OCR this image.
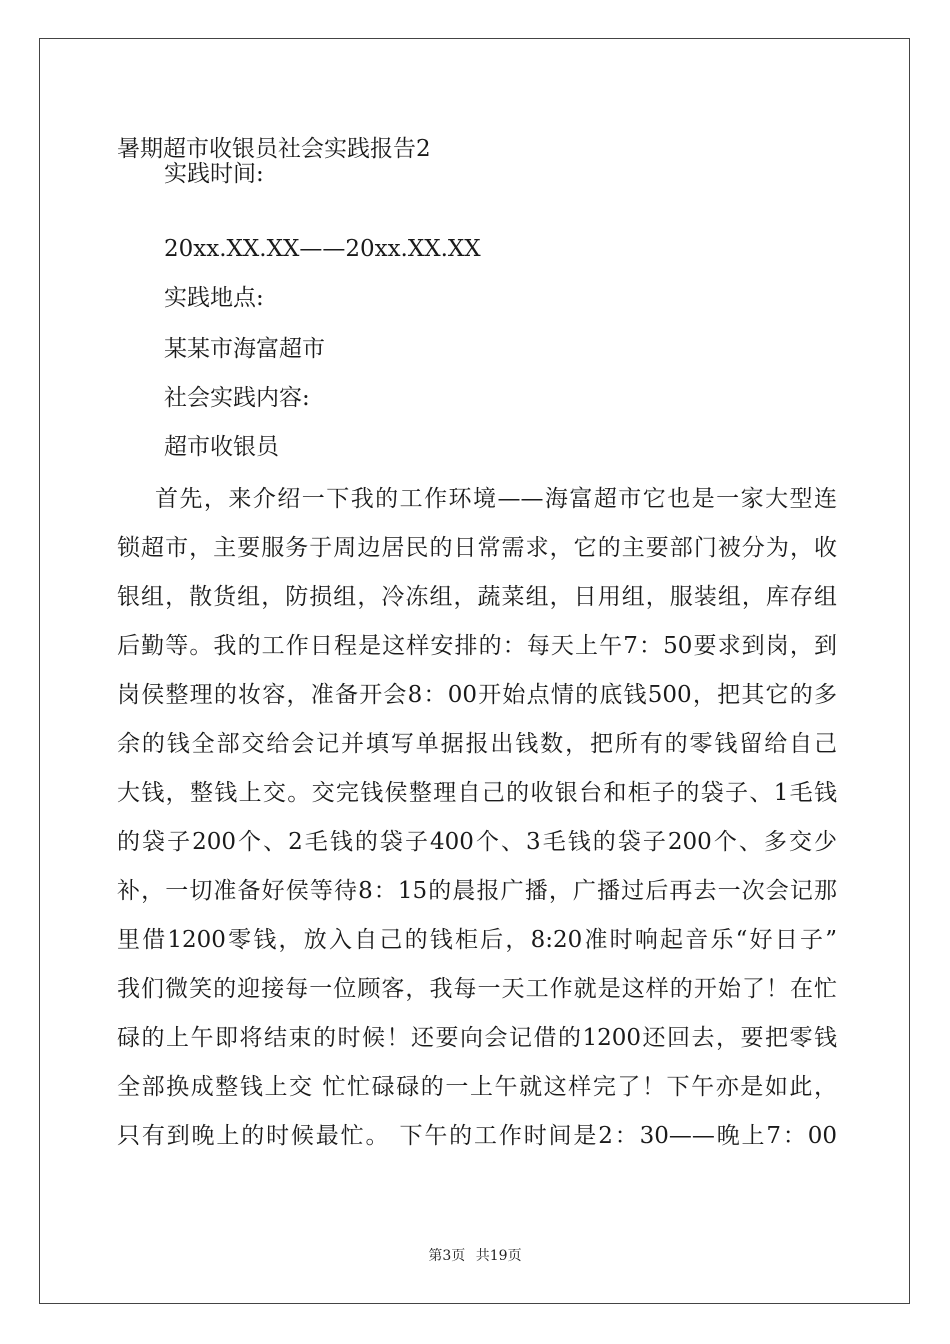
暑期超市收银员社会实践报告2
实践时间:
20xx.XX.XX——20xx.XX.XX
实践地点:
某某市海富超市
社会实践内容:
超市收银员
首先，来介绍一下我的工作环境——海富超市它也是一家大型连
锁超市，主要服务于周边居民的日常需求，它的主要部门被分为，收
银组，散货组，防损组，冷冻组，蔬菜组，日用组，服装组，库存组
后勤等。我的工作日程是这样安排的：每天上午7：50要求到岗，到
岗侯整理的妆容，准备开会8：00开始点情的底钱500，把其它的多
余的钱全部交给会记并填写单据报出钱数，把所有的零钱留给自己
大钱，整钱上交。交完钱侯整理自己的收银台和柜子的袋子、1毛钱
的袋子200个、2毛钱的袋子400个、3毛钱的袋子200个、多交少
补，一切准备好侯等待8：15的晨报广播，广播过后再去一次会记那
里借1200零钱，放入自己的钱柜后，8:20准时响起音乐“好日子”
我们微笑的迎接每一位顾客，我每一天工作就是这样的开始了！在忙
碌的上午即将结束的时候！还要向会记借的1200还回去，要把零钱
全部换成整钱上交 忙忙碌碌的一上午就这样完了！下午亦是如此，
只有到晚上的时候最忙。 下午的工作时间是2：30——晚上7：00
第3页 共19页
